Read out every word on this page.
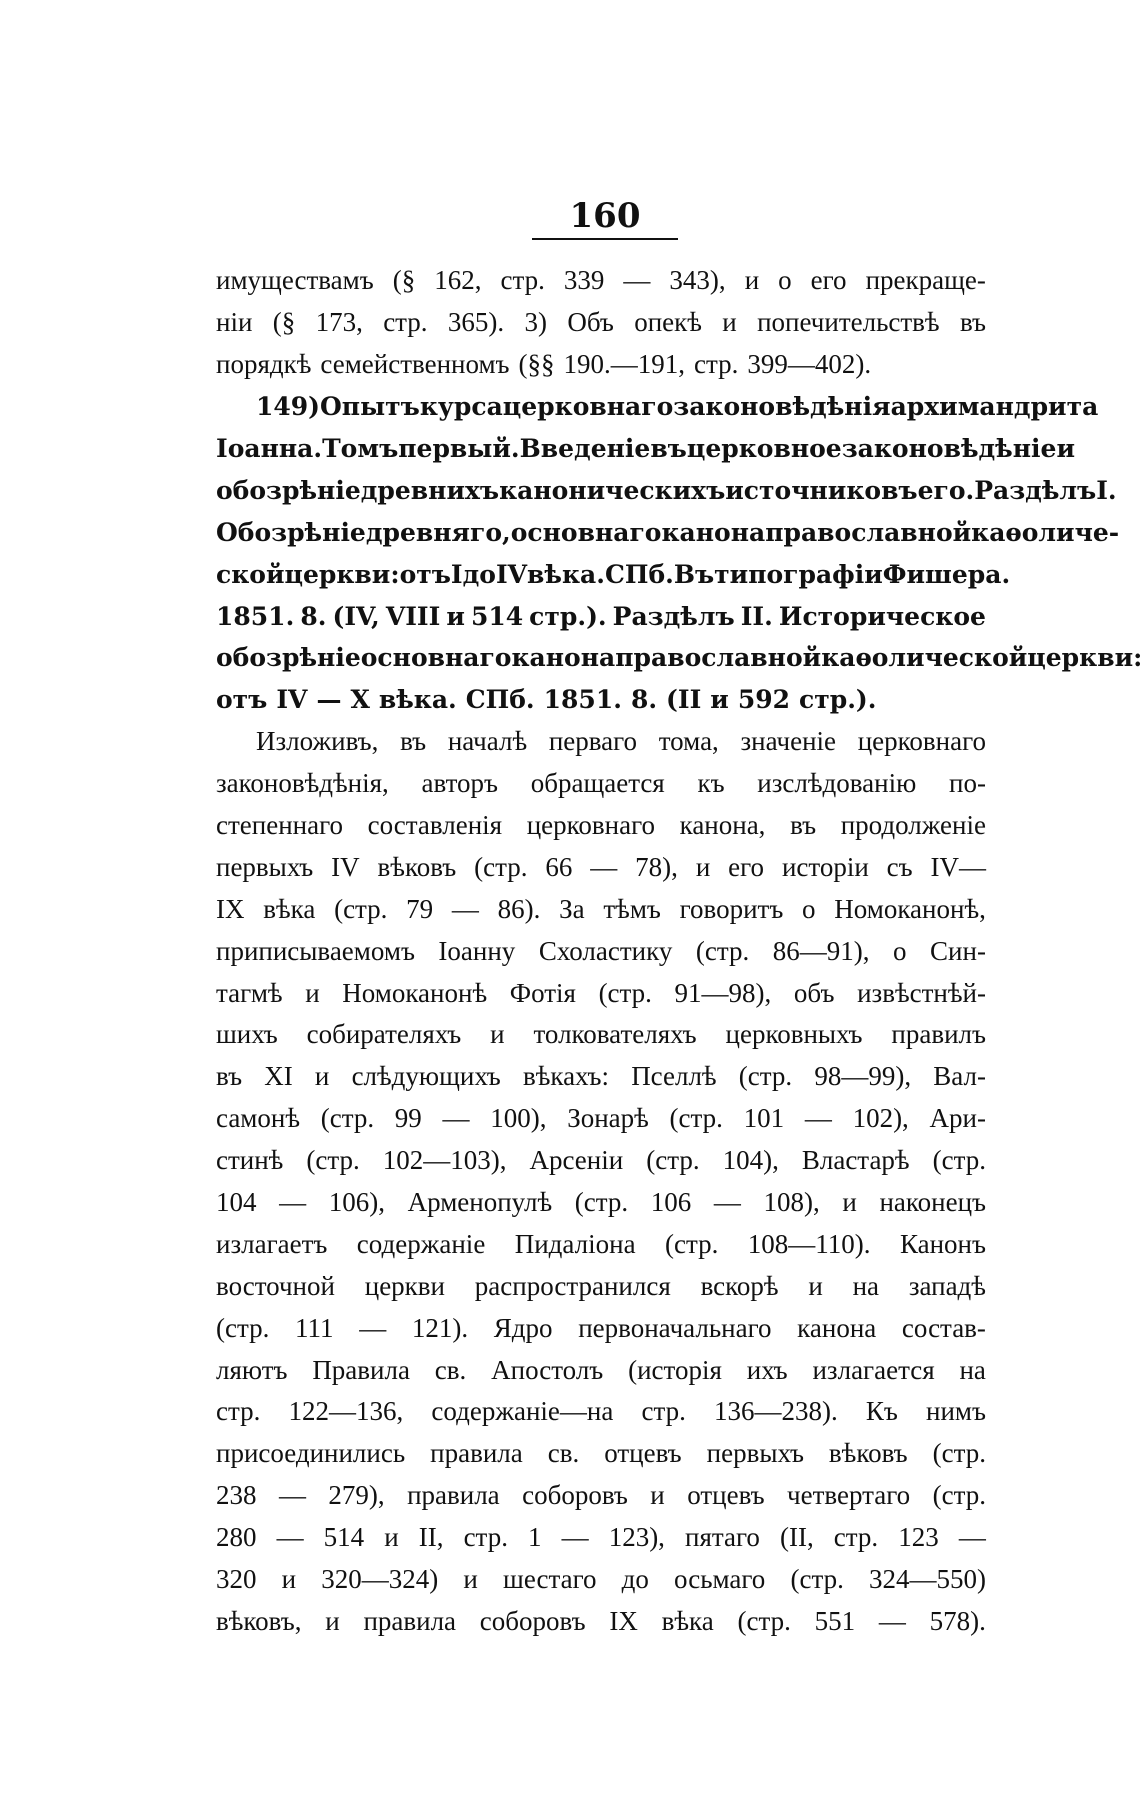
160
имуществамъ (§ 162, стр. 339 — 343), и о его прекраще-
ніи (§ 173, стр. 365). 3) Объ опекѣ и попечительствѣ въ
порядкѣ семейственномъ (§§ 190.—191, стр. 399—402).
149) Опытъ курса церковнаго законовѣдѣнія архимандрита
Іоанна. Томъ первый. Введеніе въ церковное законовѣдѣніе и
обозрѣніе древнихъ каноническихъ источниковъ его. Раздѣлъ I.
Обозрѣніе древняго, основнаго канона православной каѳоличе-
ской церкви: отъ I до IV вѣка. СПб. Въ типографіи Фишера.
1851. 8. (IV, VIII и 514 стр.). Раздѣлъ II. Историческое
обозрѣніе основнаго канона православной каѳолической церкви:
отъ IV — X вѣка. СПб. 1851. 8. (II и 592 стр.).
Изложивъ, въ началѣ перваго тома, значеніе церковнаго
законовѣдѣнія, авторъ обращается къ изслѣдованію по-
степеннаго составленія церковнаго канона, въ продолженіе
первыхъ IV вѣковъ (стр. 66 — 78), и его исторіи съ IV—
IX вѣка (стр. 79 — 86). За тѣмъ говоритъ о Номоканонѣ,
приписываемомъ Іоанну Схоластику (стр. 86—91), о Син-
тагмѣ и Номоканонѣ Фотія (стр. 91—98), объ извѣстнѣй-
шихъ собирателяхъ и толкователяхъ церковныхъ правилъ
въ XI и слѣдующихъ вѣкахъ: Пселлѣ (стр. 98—99), Вал-
самонѣ (стр. 99 — 100), Зонарѣ (стр. 101 — 102), Ари-
стинѣ (стр. 102—103), Арсеніи (стр. 104), Властарѣ (стр.
104 — 106), Арменопулѣ (стр. 106 — 108), и наконецъ
излагаетъ содержаніе Пидаліона (стр. 108—110). Канонъ
восточной церкви распространился вскорѣ и на западѣ
(стр. 111 — 121). Ядро первоначальнаго канона состав-
ляютъ Правила св. Апостолъ (исторія ихъ излагается на
стр. 122—136, содержаніе—на стр. 136—238). Къ нимъ
присоединились правила св. отцевъ первыхъ вѣковъ (стр.
238 — 279), правила соборовъ и отцевъ четвертаго (стр.
280 — 514 и II, стр. 1 — 123), пятаго (II, стр. 123 —
320 и 320—324) и шестаго до осьмаго (стр. 324—550)
вѣковъ, и правила соборовъ IX вѣка (стр. 551 — 578).
